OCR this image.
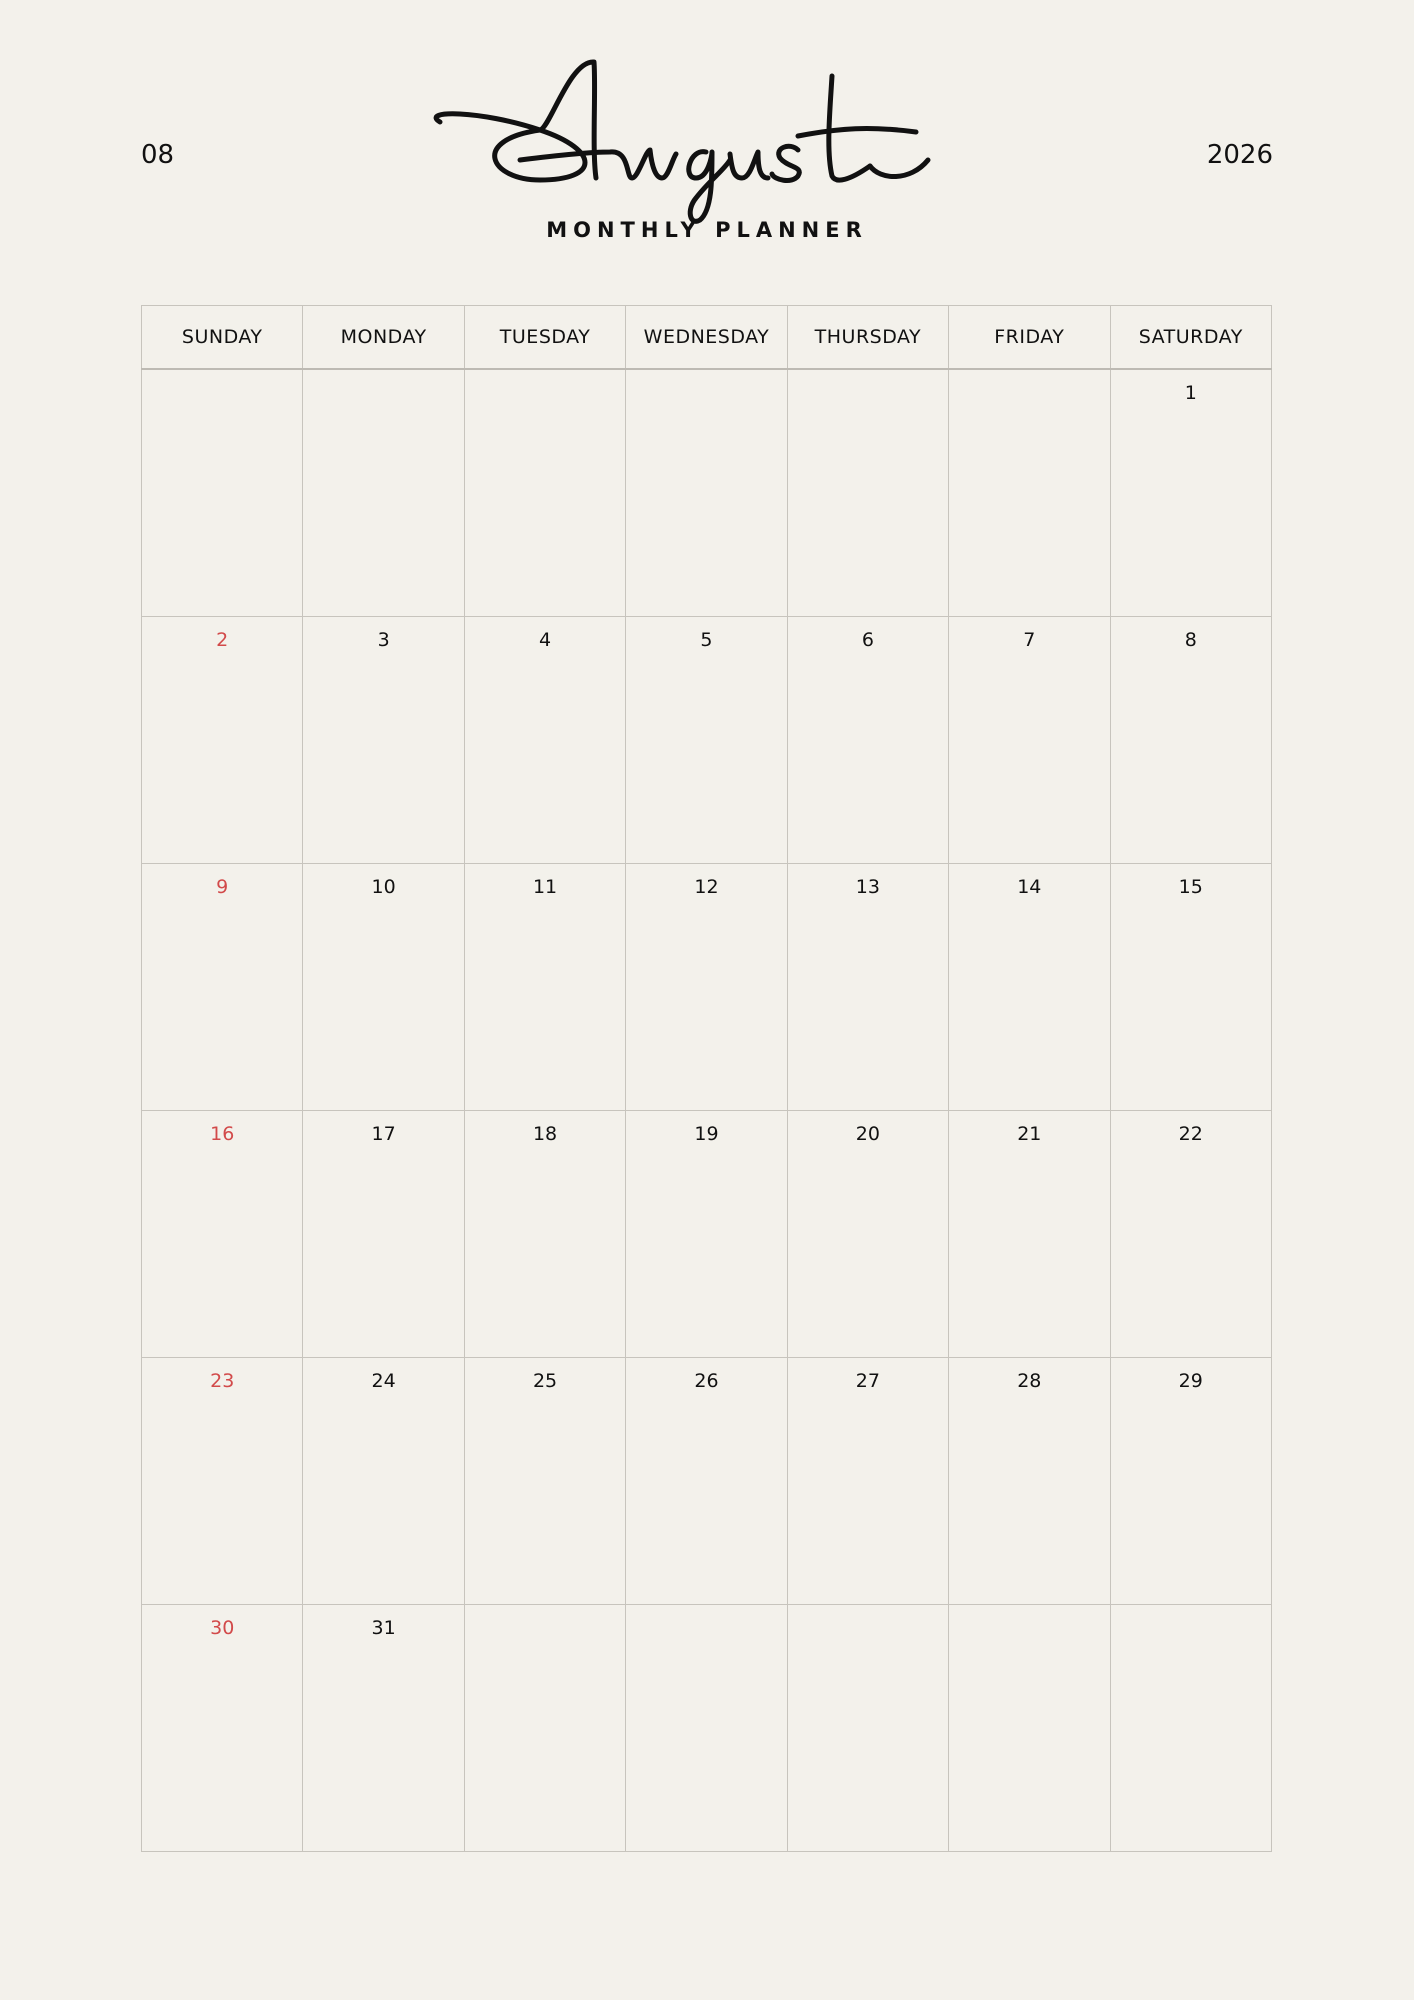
08	2026
MONTHLY PLANNER
SUNDAY	MONDAY	TUESDAY	WEDNESDAY	THURSDAY	FRIDAY	SATURDAY

						1

2	3	4	5	6	7	8

9	10	11	12	13	14	15

16	17	18	19	20	21	22

23	24	25	26	27	28	29

30	31					
